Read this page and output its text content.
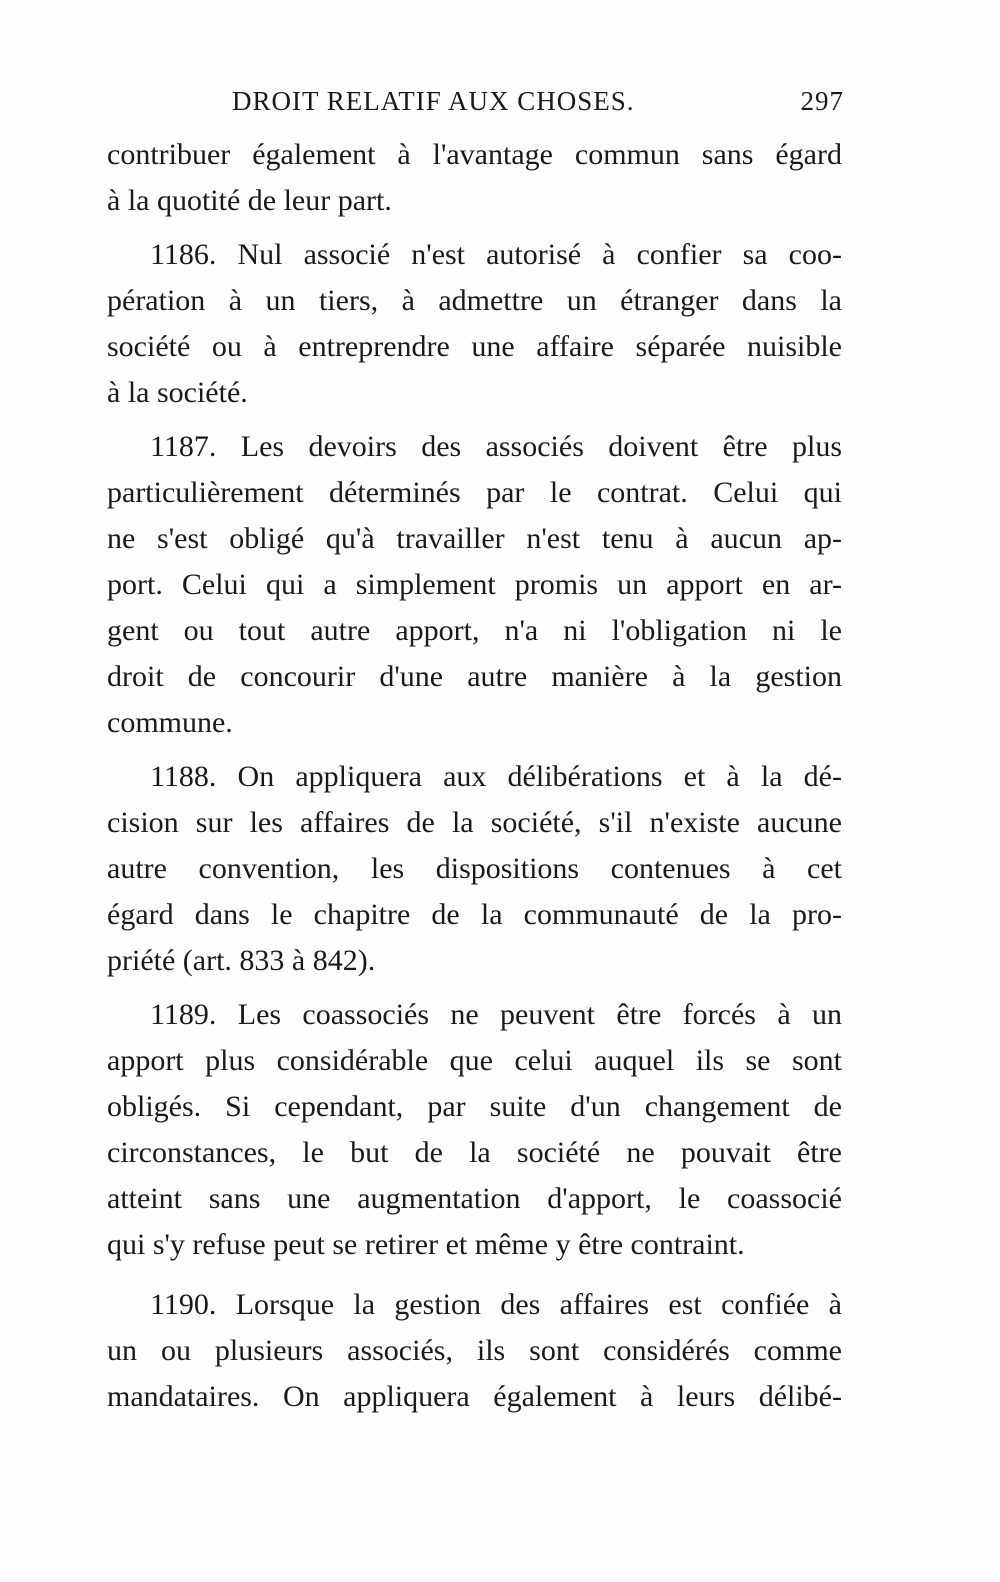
DROIT RELATIF AUX CHOSES.	297
contribuer également à l'avantage commun sans égard
à la quotité de leur part.
1186. Nul associé n'est autorisé à confier sa coo-
pération à un tiers, à admettre un étranger dans la
société ou à entreprendre une affaire séparée nuisible
à la société.
1187. Les devoirs des associés doivent être plus
particulièrement déterminés par le contrat. Celui qui
ne s'est obligé qu'à travailler n'est tenu à aucun ap-
port. Celui qui a simplement promis un apport en ar-
gent ou tout autre apport, n'a ni l'obligation ni le
droit de concourir d'une autre manière à la gestion
commune.
1188. On appliquera aux délibérations et à la dé-
cision sur les affaires de la société, s'il n'existe aucune
autre convention, les dispositions contenues à cet
égard dans le chapitre de la communauté de la pro-
priété (art. 833 à 842).
1189. Les coassociés ne peuvent être forcés à un
apport plus considérable que celui auquel ils se sont
obligés. Si cependant, par suite d'un changement de
circonstances, le but de la société ne pouvait être
atteint sans une augmentation d'apport, le coassocié
qui s'y refuse peut se retirer et même y être contraint.
1190. Lorsque la gestion des affaires est confiée à
un ou plusieurs associés, ils sont considérés comme
mandataires. On appliquera également à leurs délibé-
